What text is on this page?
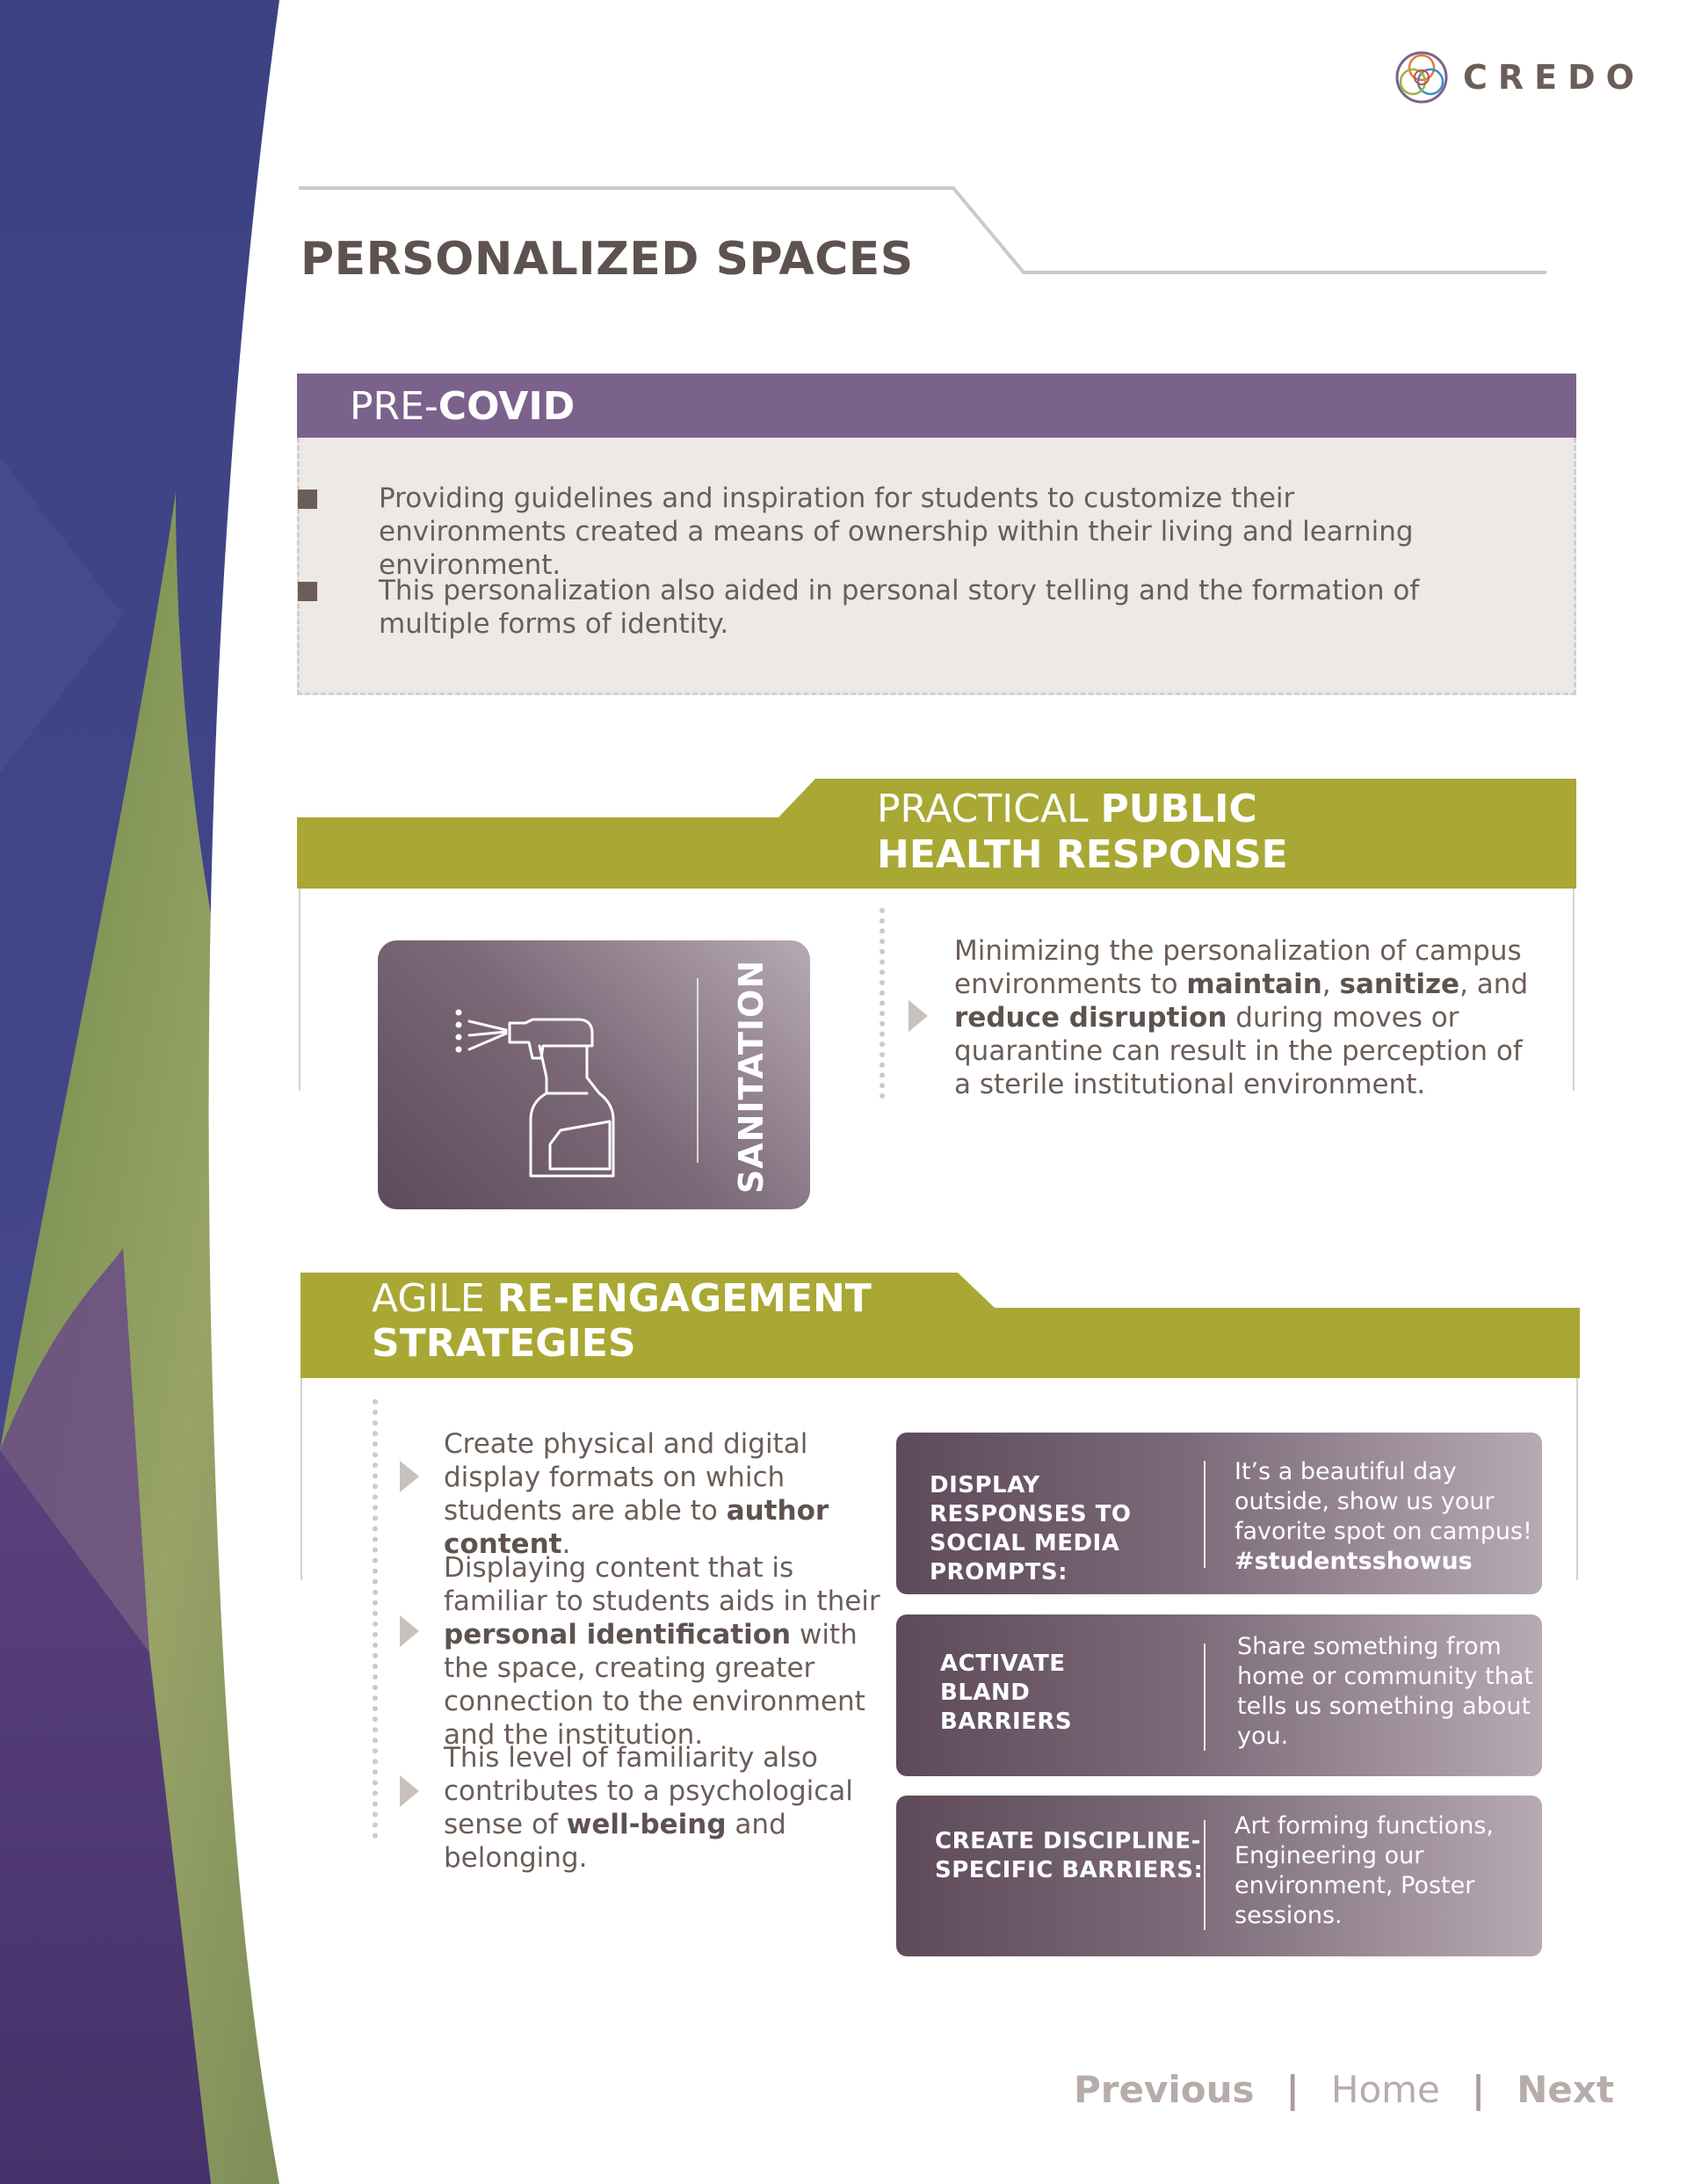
CREDO
PERSONALIZED SPACES
PRE-COVID
Providing guidelines and inspiration for students to customize their environments created a means of ownership within their living and learning environment.
This personalization also aided in personal story telling and the formation of multiple forms of identity.
PRACTICAL PUBLIC
HEALTH RESPONSE
SANITATION

Minimizing the personalization of campus environments to maintain, sanitize, and reduce disruption during moves or quarantine can result in the perception of a sterile institutional environment.

AGILE RE-ENGAGEMENT
STRATEGIES

Create physical and digital display formats on which students are able to author content.

Displaying content that is familiar to students aids in their personal identification with the space, creating greater connection to the environment and the institution.

This level of familiarity also contributes to a psychological sense of well-being and belonging.

DISPLAY RESPONSES TO SOCIAL MEDIA PROMPTS:
It’s a beautiful day outside, show us your favorite spot on campus!
#studentsshowus
ACTIVATE BLAND BARRIERS
Share something from home or community that tells us something about you.
CREATE DISCIPLINE-SPECIFIC BARRIERS:
Art forming functions, Engineering our environment, Poster sessions.
Previous | Home | Next
